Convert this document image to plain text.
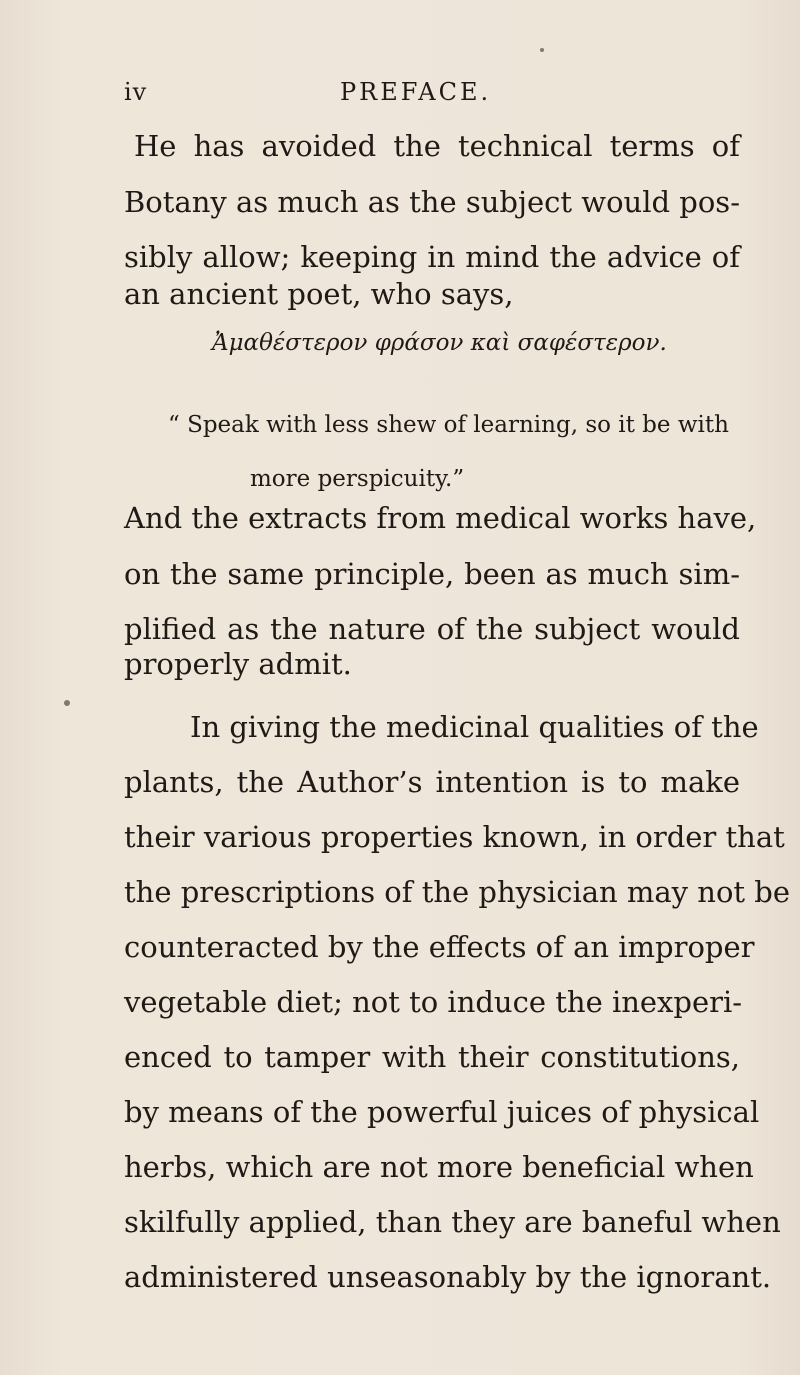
iv	PREFACE.
He has avoided the technical terms of
Botany as much as the subject would pos-
sibly allow; keeping in mind the advice of
an ancient poet, who says,
Ἀμαθέστερον φράσον καὶ σαφέστερον.
“ Speak with less shew of learning, so it be with
more perspicuity.”
And the extracts from medical works have,
on the same principle, been as much sim-
plified as the nature of the subject would
properly admit.
In giving the medicinal qualities of the
plants, the Author’s intention is to make
their various properties known, in order that
the prescriptions of the physician may not be
counteracted by the effects of an improper
vegetable diet; not to induce the inexperi-
enced to tamper with their constitutions,
by means of the powerful juices of physical
herbs, which are not more beneficial when
skilfully applied, than they are baneful when
administered unseasonably by the ignorant.
